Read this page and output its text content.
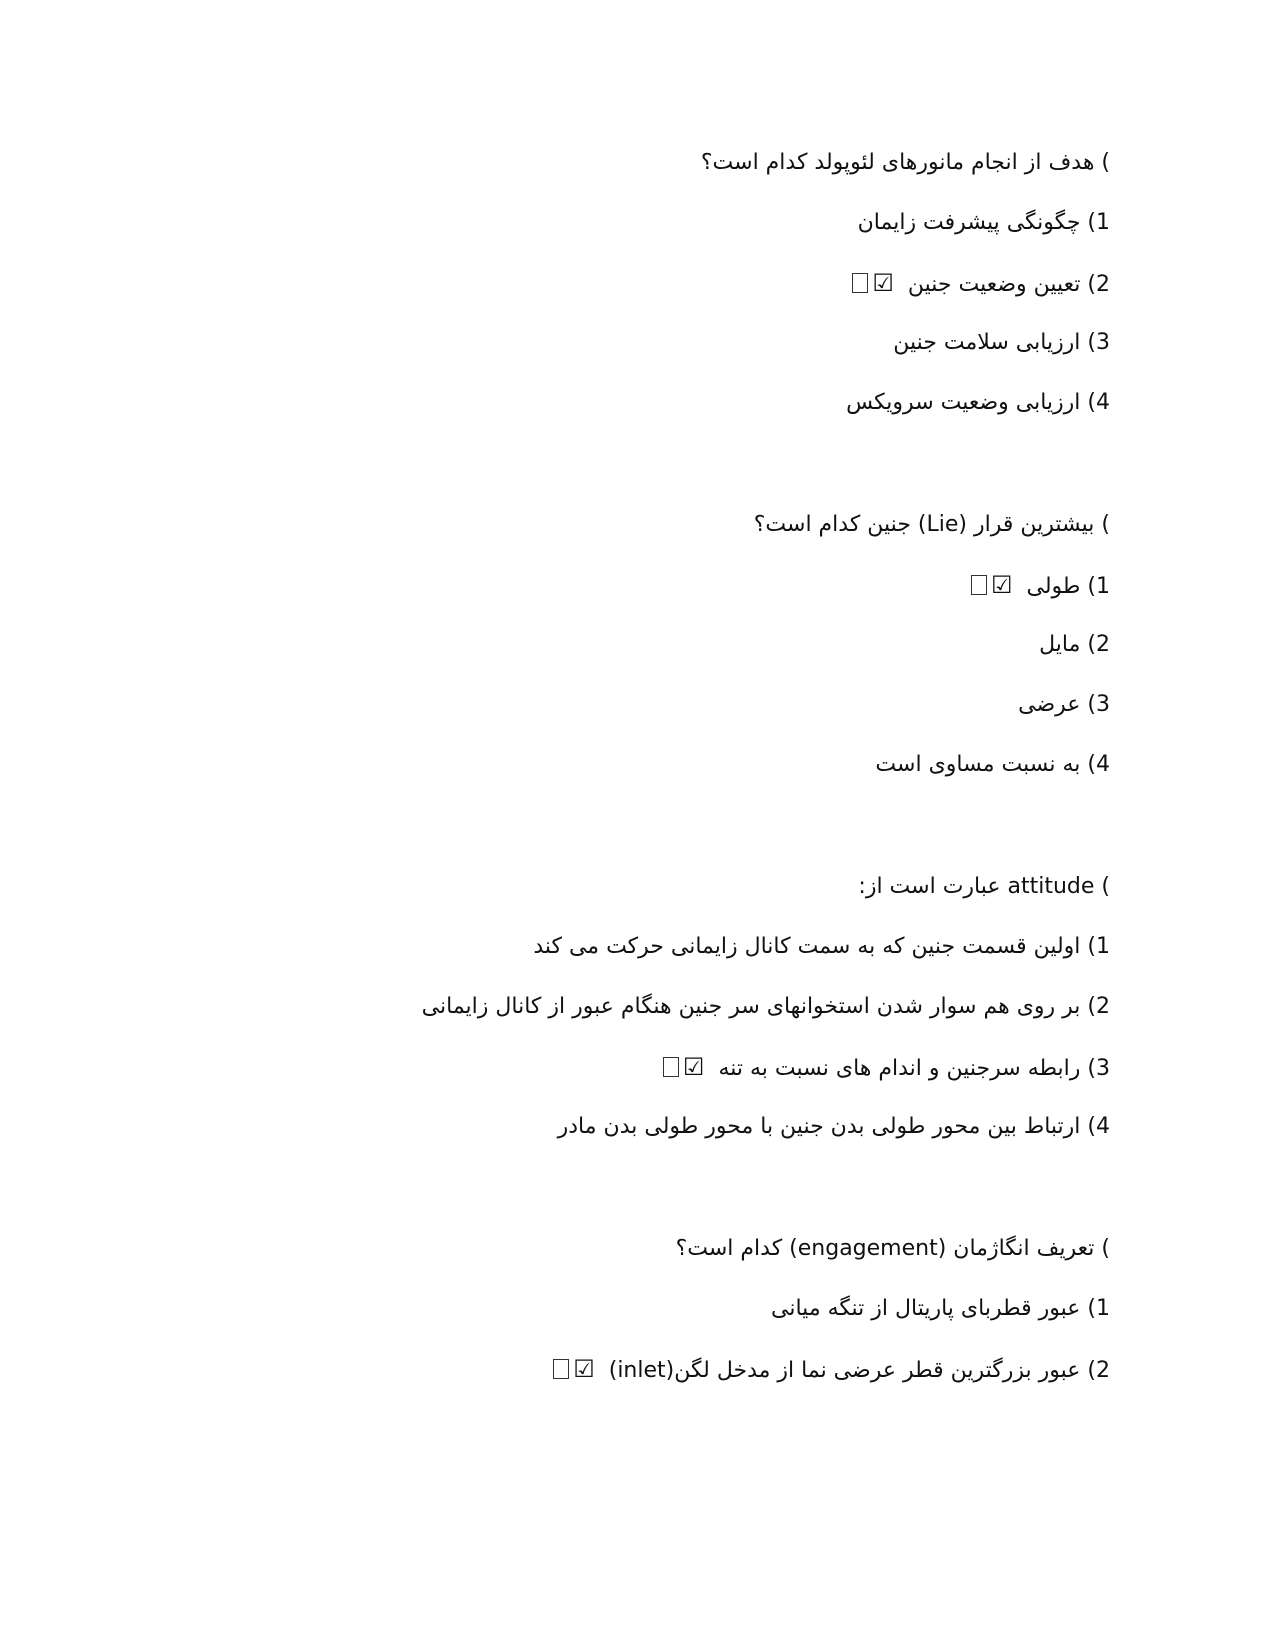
) هدف از انجام مانورهای لئوپولد کدام است؟
1) چگونگی پیشرفت زایمان
2) تعیین وضعیت جنین☑
3) ارزیابی سلامت جنین
4) ارزیابی وضعیت سرویکس
) بیشترین قرار (Lie) جنین کدام است؟
1) طولی☑
2) مایل
3) عرضی
4) به نسبت مساوی است
) attitude عبارت است از:
1) اولین قسمت جنین که به سمت کانال زایمانی حرکت می کند
2) بر روی هم سوار شدن استخوانهای سر جنین هنگام عبور از کانال زایمانی
3) رابطه سرجنین و اندام های نسبت به تنه☑
4) ارتباط بین محور طولی بدن جنین با محور طولی بدن مادر
) تعریف انگاژمان (engagement) کدام است؟
1) عبور قطربای پاریتال از تنگه میانی
2) عبور بزرگترین قطر عرضی نما از مدخل لگن(inlet)☑
